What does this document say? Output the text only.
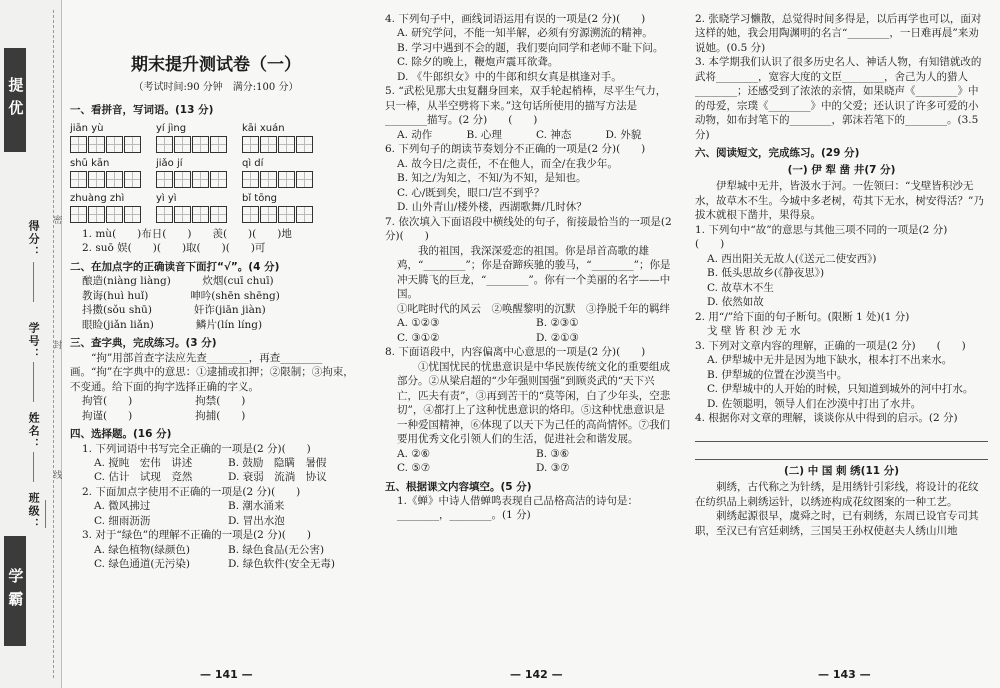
提优
学霸
得分：
学号：
姓名：
班级：
密
封
线
期末提升测试卷（一）
（考试时间:90 分钟　满分:100 分）
一、看拼音，写词语。(13 分)
jiān yù	yí jìng	kāi xuán
shū kān	jiǎo jí	qì dí
zhuàng zhì	yì yì	bǐ tōng

1. mù(　　)布日(　　)　　羡(　　)(　　)地

2. suō 娱(　　)(　　)取(　　)(　　)可

二、在加点字的正确读音下面打“√”。(4 分)

酿造(niàng liàng)　　　炊烟(cuī chuī)

教诲(huì huǐ)　　　　呻吟(shēn shēng)

抖擞(sǒu shū)　　　　奸诈(jiān jiàn)

眼睑(jiǎn liǎn)　　　　鳞片(lín líng)

三、查字典，完成练习。(3 分)

“拘”用部首查字法应先查________，再查________画。“拘”在字典中的意思：①逮捕或扣押；②限制；③拘束，不变通。给下面的拘字选择正确的字义。

拘管(　　)　　　　　　拘禁(　　)

拘谨(　　)　　　　　　拘捕(　　)

四、选择题。(16 分)

1. 下列词语中书写完全正确的一项是(2 分)(　　)

A. 搅盹　宏伟　讲述	B. 鼓励　隐瞒　暑假
C. 估计　试现　竞然	D. 衰弱　流淌　协议

2. 下面加点字使用不正确的一项是(2 分)(　　)

A. 微风拂过	B. 潮水涌来
C. 细雨沥沥	D. 冒出水泡

3. 对于“绿色”的理解不正确的一项是(2 分)(　　)

A. 绿色植物(绿颜色)	B. 绿色食品(无公害)
C. 绿色通道(无污染)	D. 绿色软件(安全无毒)
— 141 —

4. 下列句子中，画线词语运用有误的一项是(2 分)(　　)

A. 研究学问，不能一知半解，必须有穷源溯流的精神。

B. 学习中遇到不会的题，我们要向同学和老师不耻下问。

C. 除夕的晚上，鞭炮声震耳欲聋。

D. 《牛郎织女》中的牛郎和织女真是棋逢对手。

5. “武松见那大虫复翻身回来，双手轮起梢棒，尽平生气力，只一棒，从半空劈将下来。”这句话所使用的描写方法是________描写。(2 分)　　(　　)

A. 动作	B. 心理	C. 神态	D. 外貌

6. 下列句子的朗读节奏划分不正确的一项是(2 分)(　　)

A. 故今日/之责任，不在他人，而全/在我少年。

B. 知之/为知之，不知/为不知，是知也。

C. 心/既到矣，眼口/岂不到乎？

D. 山外青山/楼外楼，西湖歌舞/几时休？

7. 依次填入下面语段中横线处的句子，衔接最恰当的一项是(2 分)(　　)

我的祖国，我深深爱恋的祖国。你是昂首高歌的雄鸡，“________”；你是奋蹄疾驰的骏马，“________”；你是冲天腾飞的巨龙，“________”。你有一个美丽的名字——中国。

①叱咤时代的风云　②唤醒黎明的沉默　③挣脱千年的羁绊

A. ①②③	B. ②③①
C. ③①②	D. ②①③

8. 下面语段中，内容偏离中心意思的一项是(2 分)(　　)

①忧国忧民的忧患意识是中华民族传统文化的重要组成部分。②从梁启超的“少年强则国强”到顾炎武的“天下兴亡，匹夫有责”，③再到苦干的“莫等闲，白了少年头，空悲切”，④都打上了这种忧患意识的烙印。⑤这种忧患意识是一种爱国精神，⑥体现了以天下为己任的高尚情怀。⑦我们要用优秀文化引领人们的生活，促进社会和谐发展。

A. ②⑥	B. ③⑥
C. ⑤⑦	D. ③⑦
五、根据课文内容填空。(5 分)

1.《蝉》中诗人借蝉鸣表现自己品格高洁的诗句是：________，________。(1 分)

— 142 —

2. 张晓学习懒散，总觉得时间多得是，以后再学也可以，面对这样的她，我会用陶渊明的名言“________，一日难再晨”来劝说她。(0.5 分)

3. 本学期我们认识了很多历史名人、神话人物，有知错就改的武将________，宽容大度的文臣________，舍己为人的猎人________；还感受到了浓浓的亲情，如果晓声《________》中的母爱，宗璞《________》中的父爱；还认识了许多可爱的小动物，如布封笔下的________，郭沫若笔下的________。(3.5 分)

六、阅读短文，完成练习。(29 分)
(一) 伊 犁 凿 井(7 分)

伊犁城中无井，皆汲水于河。一佐领曰：“戈壁皆积沙无水，故草木不生。今城中多老树，苟其下无水，树安得活？”乃拔木就根下凿井，果得泉。

1. 下列句中“故”的意思与其他三项不同的一项是(2 分)　　　　(　　)

A. 西出阳关无故人(《送元二使安西》)

B. 低头思故乡(《静夜思》)

C. 故草木不生

D. 依然如故

2. 用“/”给下面的句子断句。(限断 1 处)(1 分)

戈 壁 皆 积 沙 无 水

3. 下列对文章内容的理解，正确的一项是(2 分)　　(　　)

A. 伊犁城中无井是因为地下缺水，根本打不出来水。

B. 伊犁城的位置在沙漠当中。

C. 伊犁城中的人开始的时候，只知道到城外的河中打水。

D. 佐领聪明，领导人们在沙漠中打出了水井。

4. 根据你对文章的理解，谈谈你从中得到的启示。(2 分)

(二) 中 国 刺 绣(11 分)

刺绣，古代称之为针绣，是用绣针引彩线，将设计的花纹在纺织品上刺绣运针，以绣迹构成花纹图案的一种工艺。

刺绣起源很早，虞舜之时，已有刺绣，东周已设官专司其职，至汉已有宫廷刺绣，三国吴王孙权使赵夫人绣山川地

— 143 —
